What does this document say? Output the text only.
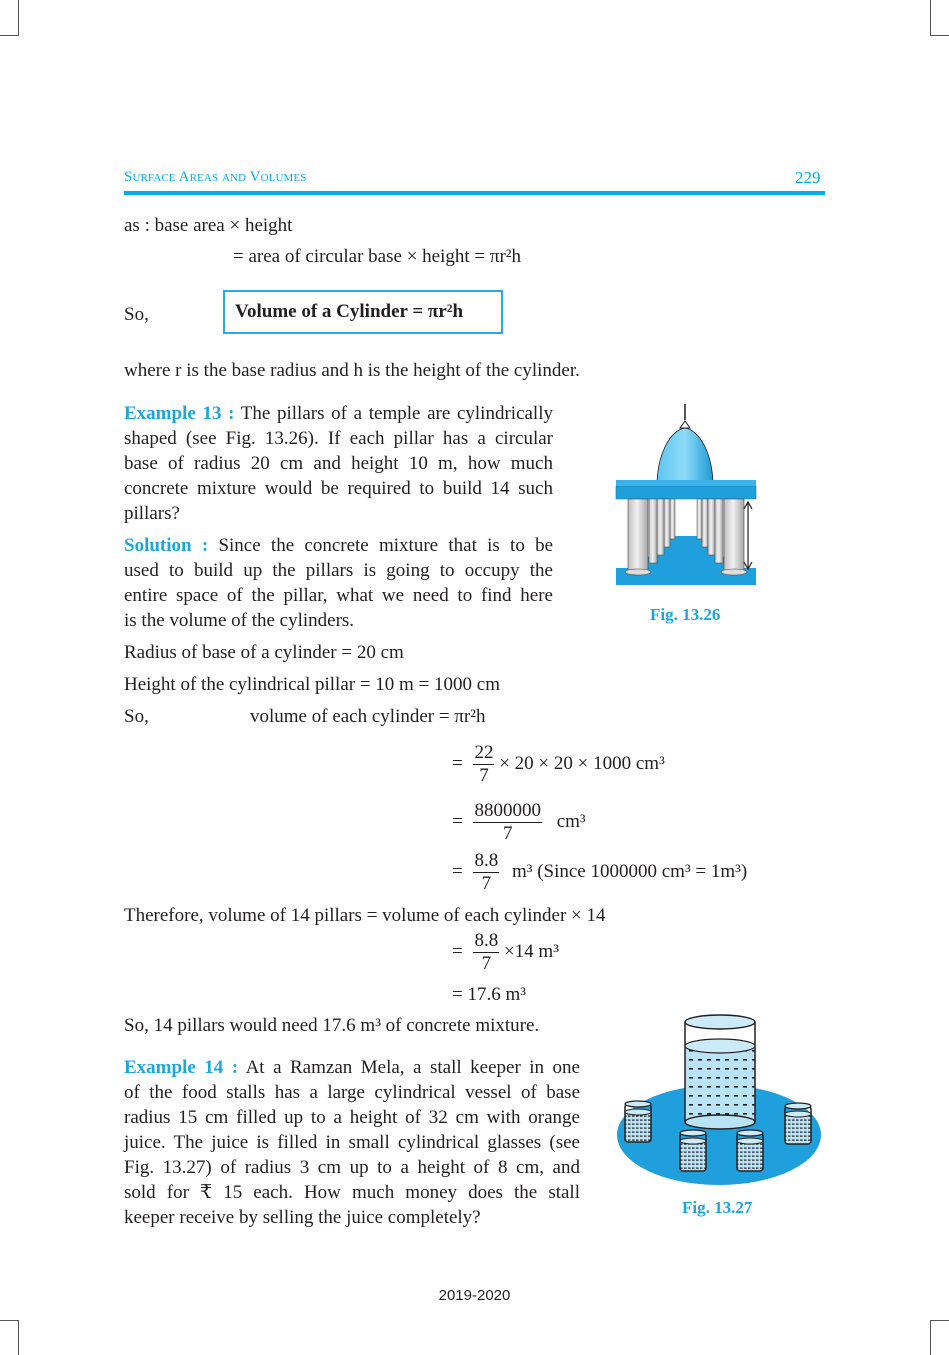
Surface Areas and Volumes	229
as : base area × height
= area of circular base × height = πr²h
So,	Volume of a Cylinder = πr²h
where r is the base radius and h is the height of the cylinder.
Example 13 : The pillars of a temple are cylindrically
shaped (see Fig. 13.26). If each pillar has a circular
base of radius 20 cm and height 10 m, how much
concrete mixture would be required to build 14 such
pillars?
Solution : Since the concrete mixture that is to be
used to build up the pillars is going to occupy the
entire space of the pillar, what we need to find here
is the volume of the cylinders.	Fig. 13.26
Radius of base of a cylinder = 20 cm
Height of the cylindrical pillar = 10 m = 1000 cm
So,	volume of each cylinder = πr²h
= $\frac{22}{7} \times 20 \times 20 \times 1000$ cm³
= $\frac{8800000}{7} cm^3$
= $\frac{8.8}{7} m^3$ (Since 1000000 cm³ = 1m³)
Therefore, volume of 14 pillars = volume of each cylinder × 14
= $\frac{8.8}{7} \times 14$ m³
= 17.6 m³
So, 14 pillars would need 17.6 m³ of concrete mixture.
Example 14 : At a Ramzan Mela, a stall keeper in one
of the food stalls has a large cylindrical vessel of base
radius 15 cm filled up to a height of 32 cm with orange
juice. The juice is filled in small cylindrical glasses (see
Fig. 13.27) of radius 3 cm up to a height of 8 cm, and
sold for ₹ 15 each. How much money does the stall
keeper receive by selling the juice completely?	Fig. 13.27
2019-2020
